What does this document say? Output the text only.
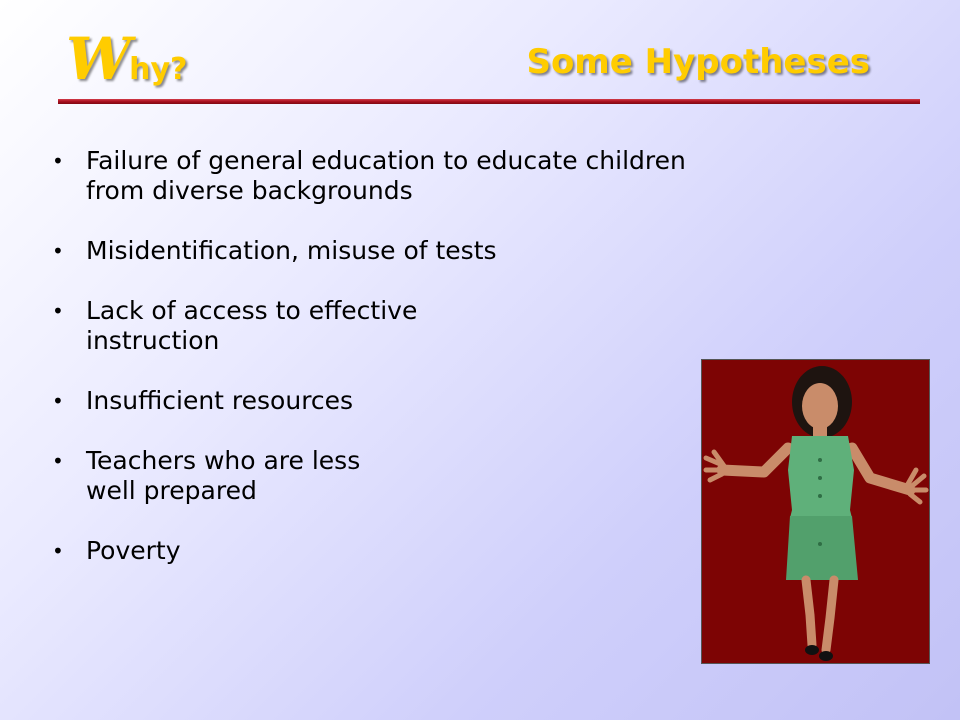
W
hy?	Some Hypotheses
• Failure of general education to educate children
from diverse backgrounds
• Misidentification, misuse of tests
• Lack of access to effective
instruction
• Insufficient resources
• Teachers who are less
well prepared
• Poverty
